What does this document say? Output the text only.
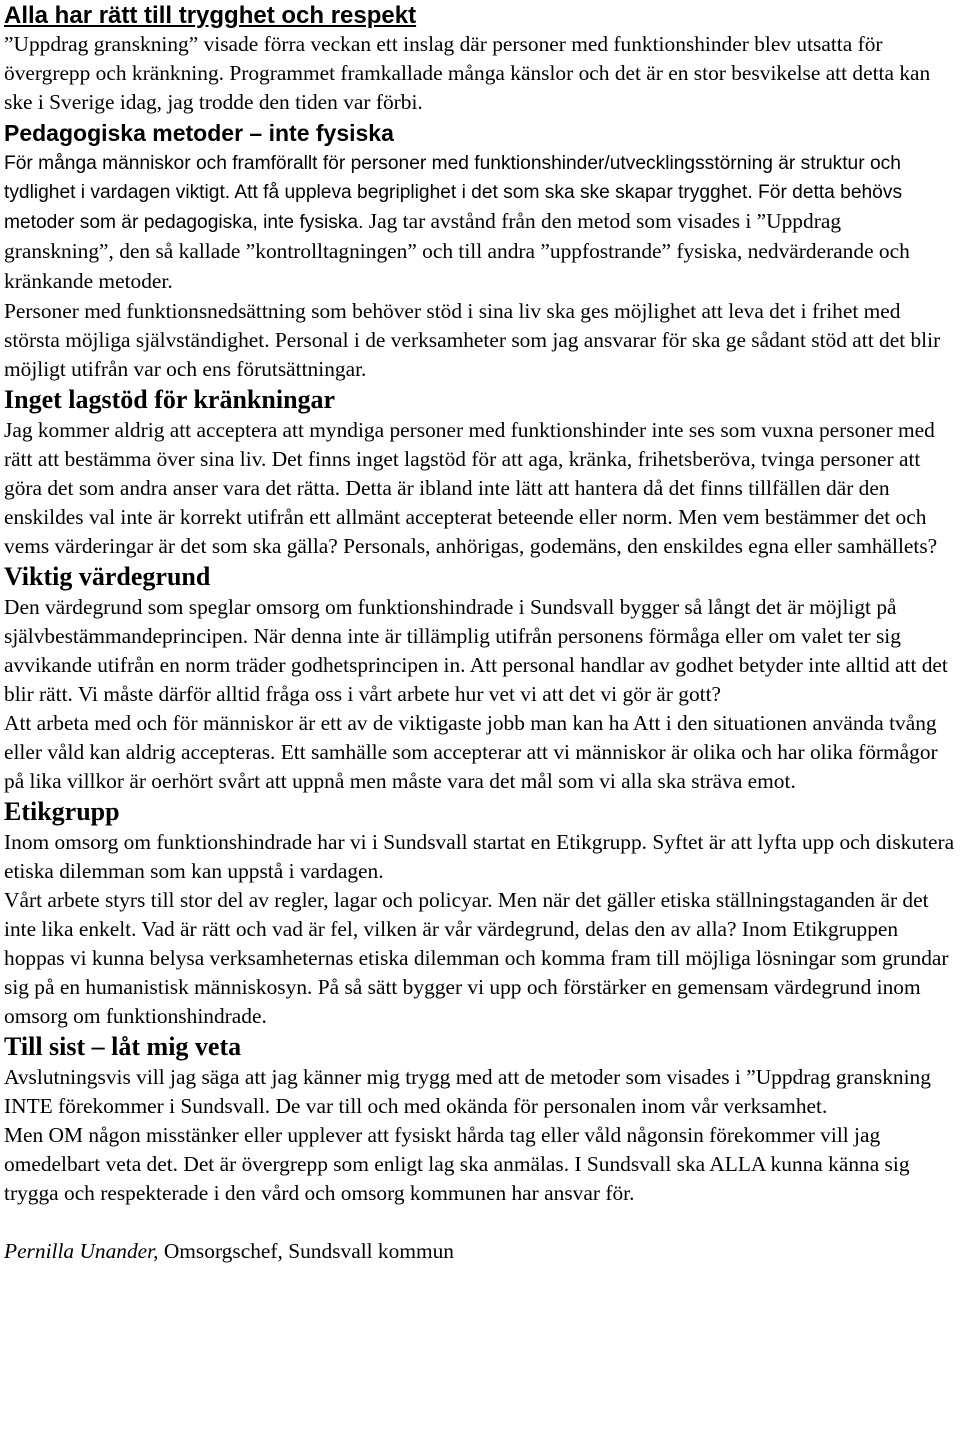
Alla har rätt till trygghet och respekt

”Uppdrag granskning” visade förra veckan ett inslag där personer med funktionshinder blev utsatta för övergrepp och kränkning. Programmet framkallade många känslor och det är en stor besvikelse att detta kan ske i Sverige idag, jag trodde den tiden var förbi.

Pedagogiska metoder – inte fysiska

För många människor och framförallt för personer med funktionshinder/utvecklingsstörning är struktur och tydlighet i vardagen viktigt. Att få uppleva begriplighet i det som ska ske skapar trygghet. För detta behövs metoder som är pedagogiska, inte fysiska. Jag tar avstånd från den metod som visades i ”Uppdrag granskning”, den så kallade ”kontrolltagningen” och till andra ”uppfostrande” fysiska, nedvärderande och kränkande metoder.

Personer med funktionsnedsättning som behöver stöd i sina liv ska ges möjlighet att leva det i frihet med största möjliga självständighet. Personal i de verksamheter som jag ansvarar för ska ge sådant stöd att det blir möjligt utifrån var och ens förutsättningar.

Inget lagstöd för kränkningar

Jag kommer aldrig att acceptera att myndiga personer med funktionshinder inte ses som vuxna personer med rätt att bestämma över sina liv. Det finns inget lagstöd för att aga, kränka, frihetsberöva, tvinga personer att göra det som andra anser vara det rätta. Detta är ibland inte lätt att hantera då det finns tillfällen där den enskildes val inte är korrekt utifrån ett allmänt accepterat beteende eller norm. Men vem bestämmer det och vems värderingar är det som ska gälla? Personals, anhörigas, godemäns, den enskildes egna eller samhällets?

Viktig värdegrund

Den värdegrund som speglar omsorg om funktionshindrade i Sundsvall bygger så långt det är möjligt på självbestämmandeprincipen. När denna inte är tillämplig utifrån personens förmåga eller om valet ter sig avvikande utifrån en norm träder godhetsprincipen in. Att personal handlar av godhet betyder inte alltid att det blir rätt. Vi måste därför alltid fråga oss i vårt arbete hur vet vi att det vi gör är gott?

Att arbeta med och för människor är ett av de viktigaste jobb man kan ha Att i den situationen använda tvång eller våld kan aldrig accepteras. Ett samhälle som accepterar att vi människor är olika och har olika förmågor på lika villkor är oerhört svårt att uppnå men måste vara det mål som vi alla ska sträva emot.

Etikgrupp

Inom omsorg om funktionshindrade har vi i Sundsvall startat en Etikgrupp. Syftet är att lyfta upp och diskutera etiska dilemman som kan uppstå i vardagen.

Vårt arbete styrs till stor del av regler, lagar och policyar. Men när det gäller etiska ställningstaganden är det inte lika enkelt. Vad är rätt och vad är fel, vilken är vår värdegrund, delas den av alla? Inom Etikgruppen hoppas vi kunna belysa verksamheternas etiska dilemman och komma fram till möjliga lösningar som grundar sig på en humanistisk människosyn. På så sätt bygger vi upp och förstärker en gemensam värdegrund inom omsorg om funktionshindrade.

Till sist – låt mig veta

Avslutningsvis vill jag säga att jag känner mig trygg med att de metoder som visades i ”Uppdrag granskning INTE förekommer i Sundsvall. De var till och med okända för personalen inom vår verksamhet.

Men OM någon misstänker eller upplever att fysiskt hårda tag eller våld någonsin förekommer vill jag omedelbart veta det. Det är övergrepp som enligt lag ska anmälas. I Sundsvall ska ALLA kunna känna sig trygga och respekterade i den vård och omsorg kommunen har ansvar för.

Pernilla Unander, Omsorgschef, Sundsvall kommun
